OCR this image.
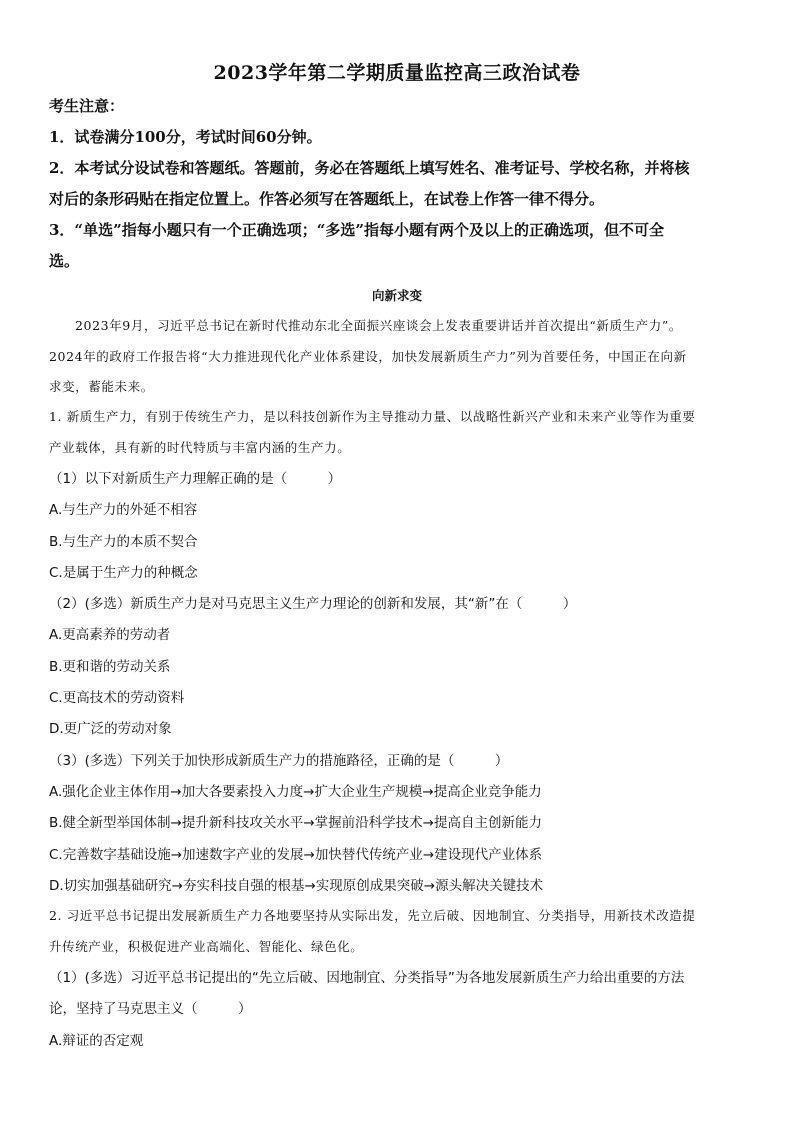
2023学年第二学期质量监控高三政治试卷

考生注意：

1．试卷满分100分，考试时间60分钟。

2．本考试分设试卷和答题纸。答题前，务必在答题纸上填写姓名、准考证号、学校名称，并将核

对后的条形码贴在指定位置上。作答必须写在答题纸上，在试卷上作答一律不得分。

3．“单选”指每小题只有一个正确选项；“多选”指每小题有两个及以上的正确选项，但不可全

选。

向新求变

2023年9月，习近平总书记在新时代推动东北全面振兴座谈会上发表重要讲话并首次提出“新质生产力”。

2024年的政府工作报告将“大力推进现代化产业体系建设，加快发展新质生产力”列为首要任务，中国正在向新

求变，蓄能未来。

1. 新质生产力，有别于传统生产力，是以科技创新作为主导推动力量、以战略性新兴产业和未来产业等作为重要

产业载体，具有新的时代特质与丰富内涵的生产力。

（1）以下对新质生产力理解正确的是（　　　）

A.与生产力的外延不相容

B.与生产力的本质不契合

C.是属于生产力的种概念

（2）(多选）新质生产力是对马克思主义生产力理论的创新和发展，其“新”在（　　　）

A.更高素养的劳动者

B.更和谐的劳动关系

C.更高技术的劳动资料

D.更广泛的劳动对象

（3）(多选）下列关于加快形成新质生产力的措施路径，正确的是（　　　）

A.强化企业主体作用→加大各要素投入力度→扩大企业生产规模→提高企业竞争能力

B.健全新型举国体制→提升新科技攻关水平→掌握前沿科学技术→提高自主创新能力

C.完善数字基础设施→加速数字产业的发展→加快替代传统产业→建设现代产业体系

D.切实加强基础研究→夯实科技自强的根基→实现原创成果突破→源头解决关键技术

2. 习近平总书记提出发展新质生产力各地要坚持从实际出发，先立后破、因地制宜、分类指导，用新技术改造提

升传统产业，积极促进产业高端化、智能化、绿色化。

（1）(多选）习近平总书记提出的“先立后破、因地制宜、分类指导”为各地发展新质生产力给出重要的方法

论，坚持了马克思主义（　　　）

A.辩证的否定观
